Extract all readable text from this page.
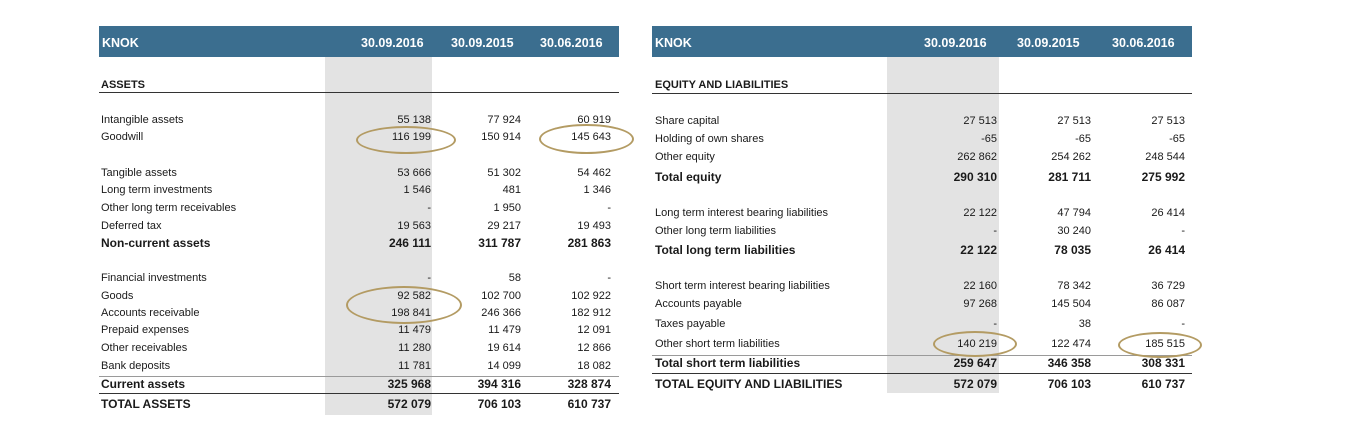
KNOK	30.09.2016 30.09.2015 30.06.2016
ASSETS
Intangible assets	55 138	77 924	60 919
Goodwill	116 199	150 914	145 643
Tangible assets	53 666	51 302	54 462
Long term investments	1 546	481	1 346
Other long term receivables	-	1 950	-
Deferred tax	19 563	29 217	19 493
Non-current assets	246 111	311 787	281 863
Financial investments	-	58	-
Goods	92 582	102 700	102 922
Accounts receivable	198 841	246 366	182 912
Prepaid expenses	11 479	11 479	12 091
Other receivables	11 280	19 614	12 866
Bank deposits	11 781	14 099	18 082
Current assets	325 968	394 316	328 874
TOTAL ASSETS	572 079	706 103	610 737
KNOK	30.09.2016 30.09.2015	30.06.2016
EQUITY AND LIABILITIES
Share capital	27 513	27 513	27 513
Holding of own shares	-65	-65	-65
Other equity	262 862	254 262	248 544
Total equity	290 310	281 711	275 992
Long term interest bearing liabilities	22 122	47 794	26 414
Other long term liabilities	-	30 240	-
Total long term liabilities	22 122	78 035	26 414
Short term interest bearing liabilities	22 160	78 342	36 729
Accounts payable	97 268	145 504	86 087
Taxes payable	-	38	-
Other short term liabilities	140 219	122 474	185 515
Total short term liabilities	259 647	346 358	308 331
TOTAL EQUITY AND LIABILITIES	572 079	706 103	610 737
